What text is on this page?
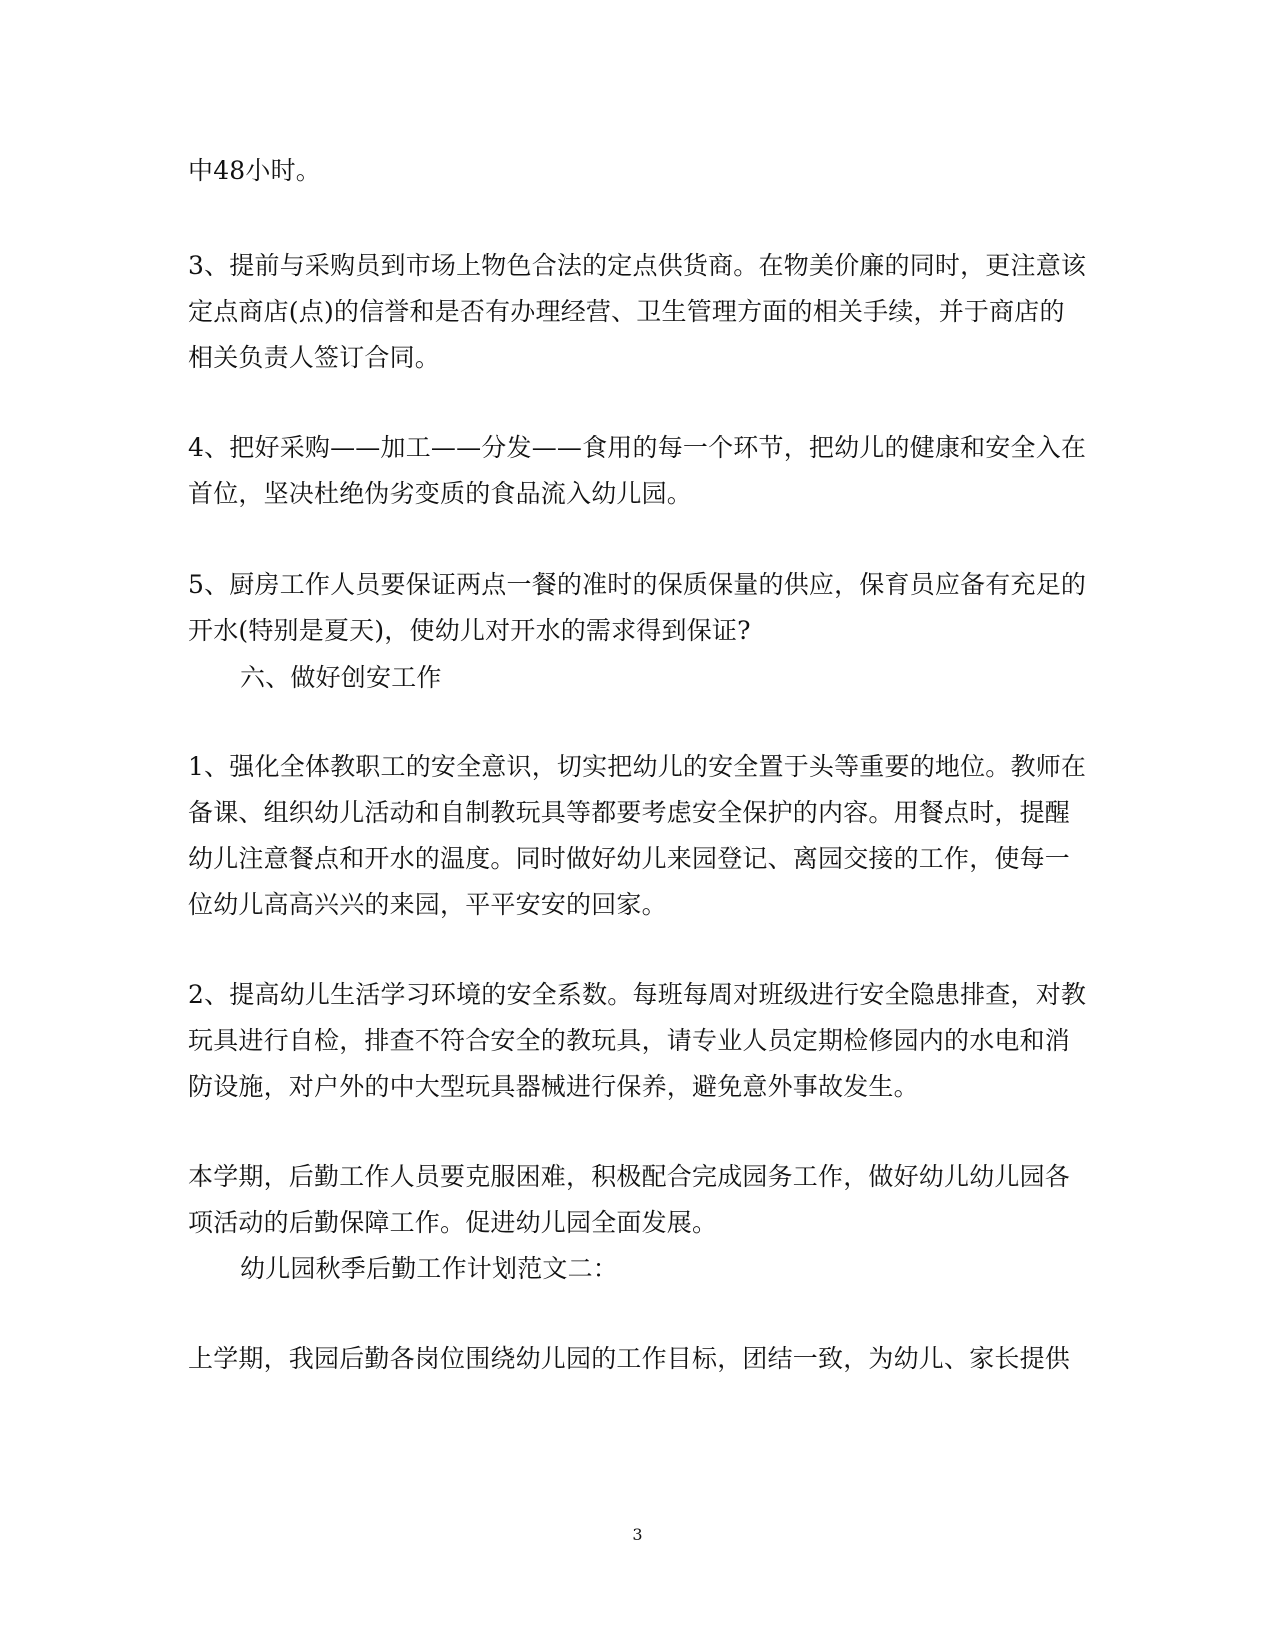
中48小时。
3、提前与采购员到市场上物色合法的定点供货商。在物美价廉的同时，更注意该
定点商店(点)的信誉和是否有办理经营、卫生管理方面的相关手续，并于商店的
相关负责人签订合同。
4、把好采购——加工——分发——食用的每一个环节，把幼儿的健康和安全入在
首位，坚决杜绝伪劣变质的食品流入幼儿园。
5、厨房工作人员要保证两点一餐的准时的保质保量的供应，保育员应备有充足的
开水(特别是夏天)，使幼儿对开水的需求得到保证?
六、做好创安工作
1、强化全体教职工的安全意识，切实把幼儿的安全置于头等重要的地位。教师在
备课、组织幼儿活动和自制教玩具等都要考虑安全保护的内容。用餐点时，提醒
幼儿注意餐点和开水的温度。同时做好幼儿来园登记、离园交接的工作，使每一
位幼儿高高兴兴的来园，平平安安的回家。
2、提高幼儿生活学习环境的安全系数。每班每周对班级进行安全隐患排查，对教
玩具进行自检，排查不符合安全的教玩具，请专业人员定期检修园内的水电和消
防设施，对户外的中大型玩具器械进行保养，避免意外事故发生。
本学期，后勤工作人员要克服困难，积极配合完成园务工作，做好幼儿幼儿园各
项活动的后勤保障工作。促进幼儿园全面发展。
幼儿园秋季后勤工作计划范文二：
上学期，我园后勤各岗位围绕幼儿园的工作目标，团结一致，为幼儿、家长提供
3
